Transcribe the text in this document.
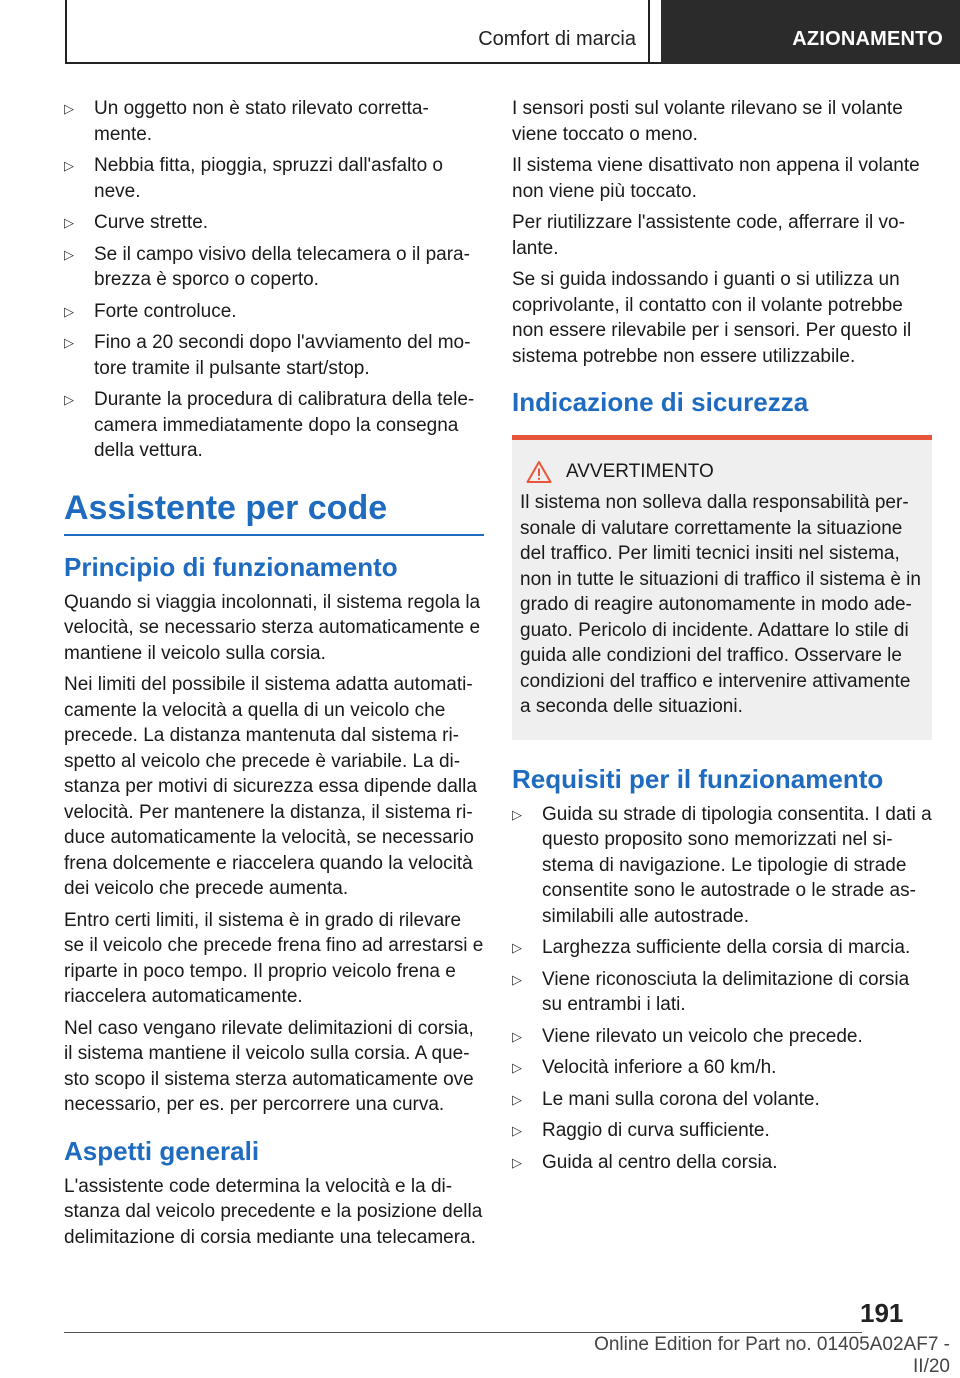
Comfort di marcia	AZIONAMENTO
▷ Un oggetto non è stato rilevato corretta-mente.
▷ Nebbia fitta, pioggia, spruzzi dall'asfalto o neve.
▷ Curve strette.
▷ Se il campo visivo della telecamera o il para-brezza è sporco o coperto.
▷ Forte controluce.
▷ Fino a 20 secondi dopo l'avviamento del mo-tore tramite il pulsante start/stop.
▷ Durante la procedura di calibratura della tele-camera immediatamente dopo la consegna della vettura.
Assistente per code
Principio di funzionamento

Quando si viaggia incolonnati, il sistema regola la velocità, se necessario sterza automaticamente e mantiene il veicolo sulla corsia.

Nei limiti del possibile il sistema adatta automati-camente la velocità a quella di un veicolo che precede. La distanza mantenuta dal sistema ri-spetto al veicolo che precede è variabile. La di-stanza per motivi di sicurezza essa dipende dalla velocità. Per mantenere la distanza, il sistema ri-duce automaticamente la velocità, se necessario frena dolcemente e riaccelera quando la velocità dei veicolo che precede aumenta.

Entro certi limiti, il sistema è in grado di rilevare se il veicolo che precede frena fino ad arrestarsi e riparte in poco tempo. Il proprio veicolo frena e riaccelera automaticamente.

Nel caso vengano rilevate delimitazioni di corsia, il sistema mantiene il veicolo sulla corsia. A que-sto scopo il sistema sterza automaticamente ove necessario, per es. per percorrere una curva.

Aspetti generali

L'assistente code determina la velocità e la di-stanza dal veicolo precedente e la posizione della delimitazione di corsia mediante una telecamera.

I sensori posti sul volante rilevano se il volante viene toccato o meno.

Il sistema viene disattivato non appena il volante non viene più toccato.

Per riutilizzare l'assistente code, afferrare il vo-lante.

Se si guida indossando i guanti o si utilizza un coprivolante, il contatto con il volante potrebbe non essere rilevabile per i sensori. Per questo il sistema potrebbe non essere utilizzabile.

Indicazione di sicurezza
AVVERTIMENTO

Il sistema non solleva dalla responsabilità per-sonale di valutare correttamente la situazione del traffico. Per limiti tecnici insiti nel sistema, non in tutte le situazioni di traffico il sistema è in grado di reagire autonomamente in modo ade-guato. Pericolo di incidente. Adattare lo stile di guida alle condizioni del traffico. Osservare le condizioni del traffico e intervenire attivamente a seconda delle situazioni.

Requisiti per il funzionamento
▷ Guida su strade di tipologia consentita. I dati a questo proposito sono memorizzati nel si-stema di navigazione. Le tipologie di strade consentite sono le autostrade o le strade as-similabili alle autostrade.
▷ Larghezza sufficiente della corsia di marcia.
▷ Viene riconosciuta la delimitazione di corsia su entrambi i lati.
▷ Viene rilevato un veicolo che precede.
▷ Velocità inferiore a 60 km/h.
▷ Le mani sulla corona del volante.
▷ Raggio di curva sufficiente.
▷ Guida al centro della corsia.
191
Online Edition for Part no. 01405A02AF7 - II/20
